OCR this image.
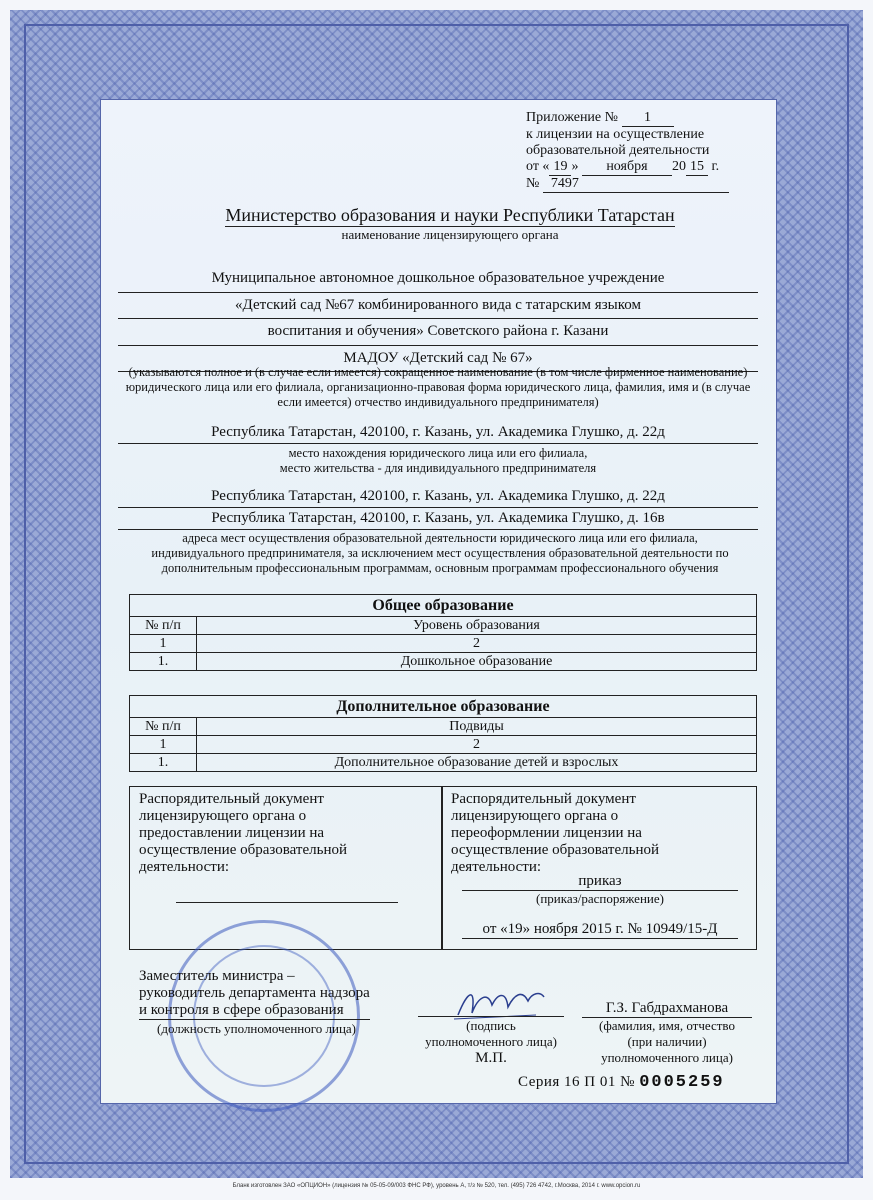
Приложение № 1
к лицензии на осуществление
образовательной деятельности
от « 19 » ноября 20 15 г.
№ 7497
Министерство образования и науки Республики Татарстан
наименование лицензирующего органа
Муниципальное автономное дошкольное образовательное учреждение
«Детский сад №67 комбинированного вида с татарским языком
воспитания и обучения» Советского района г. Казани
МАДОУ «Детский сад № 67»
(указываются полное и (в случае если имеется) сокращенное наименование (в том числе фирменное наименование) юридического лица или его филиала, организационно-правовая форма юридического лица, фамилия, имя и (в случае если имеется) отчество индивидуального предпринимателя)
Республика Татарстан, 420100, г. Казань, ул. Академика Глушко, д. 22д
место нахождения юридического лица или его филиала,
место жительства - для индивидуального предпринимателя
Республика Татарстан, 420100, г. Казань, ул. Академика Глушко, д. 22д
Республика Татарстан, 420100, г. Казань, ул. Академика Глушко, д. 16в
адреса мест осуществления образовательной деятельности юридического лица или его филиала, индивидуального предпринимателя, за исключением мест осуществления образовательной деятельности по дополнительным профессиональным программам, основным программам профессионального обучения
Общее образование
№ п/п	Уровень образования
1	2
1.	Дошкольное образование
Дополнительное образование
№ п/п	Подвиды
1	2
1.	Дополнительное образование детей и взрослых
Распорядительный документ лицензирующего органа о предоставлении лицензии на осуществление образовательной деятельности:
Распорядительный документ лицензирующего органа о переоформлении лицензии на осуществление образовательной деятельности:
приказ
(приказ/распоряжение)
от «19» ноября 2015 г. № 10949/15-Д
Заместитель министра –
руководитель департамента надзора
и контроля в сфере образования
(должность уполномоченного лица)	(подпись
уполномоченного лица)
М.П.
Г.З. Габдрахманова
(фамилия, имя, отчество
(при наличии)
уполномоченного лица)
Серия 16 П 01 № 0005259
Бланк изготовлен ЗАО «ОПЦИОН» (лицензия № 05-05-09/003 ФНС РФ), уровень А, т/з № 520, тел. (495) 726 4742, г.Москва, 2014 г. www.opcion.ru
